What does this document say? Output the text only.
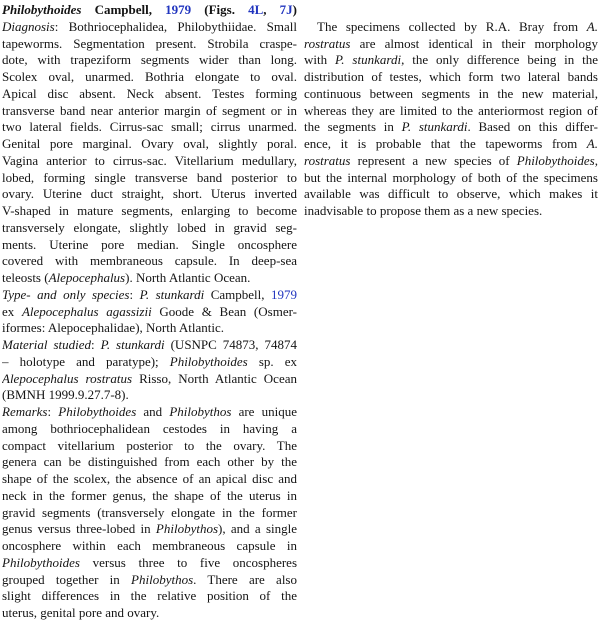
Philobythoides Campbell, 1979 (Figs. 4L, 7J)
Diagnosis: Bothriocephalidea, Philobythiidae. Small
tapeworms. Segmentation present. Strobila craspe-
dote, with trapeziform segments wider than long.
Scolex oval, unarmed. Bothria elongate to oval.
Apical disc absent. Neck absent. Testes forming
transverse band near anterior margin of segment or in
two lateral fields. Cirrus-sac small; cirrus unarmed.
Genital pore marginal. Ovary oval, slightly poral.
Vagina anterior to cirrus-sac. Vitellarium medullary,
lobed, forming single transverse band posterior to
ovary. Uterine duct straight, short. Uterus inverted
V-shaped in mature segments, enlarging to become
transversely elongate, slightly lobed in gravid seg-
ments. Uterine pore median. Single oncosphere
covered with membraneous capsule. In deep-sea
teleosts (Alepocephalus). North Atlantic Ocean.
Type- and only species: P. stunkardi Campbell, 1979
ex Alepocephalus agassizii Goode & Bean (Osmer-
iformes: Alepocephalidae), North Atlantic.
Material studied: P. stunkardi (USNPC 74873, 74874
– holotype and paratype); Philobythoides sp. ex
Alepocephalus rostratus Risso, North Atlantic Ocean
(BMNH 1999.9.27.7-8).
Remarks: Philobythoides and Philobythos are unique
among bothriocephalidean cestodes in having a
compact vitellarium posterior to the ovary. The
genera can be distinguished from each other by the
shape of the scolex, the absence of an apical disc and
neck in the former genus, the shape of the uterus in
gravid segments (transversely elongate in the former
genus versus three-lobed in Philobythos), and a single
oncosphere within each membraneous capsule in
Philobythoides versus three to five oncospheres
grouped together in Philobythos. There are also
slight differences in the relative position of the
uterus, genital pore and ovary.
The specimens collected by R.A. Bray from A.
rostratus are almost identical in their morphology
with P. stunkardi, the only difference being in the
distribution of testes, which form two lateral bands
continuous between segments in the new material,
whereas they are limited to the anteriormost region of
the segments in P. stunkardi. Based on this differ-
ence, it is probable that the tapeworms from A.
rostratus represent a new species of Philobythoides,
but the internal morphology of both of the specimens
available was difficult to observe, which makes it
inadvisable to propose them as a new species.
